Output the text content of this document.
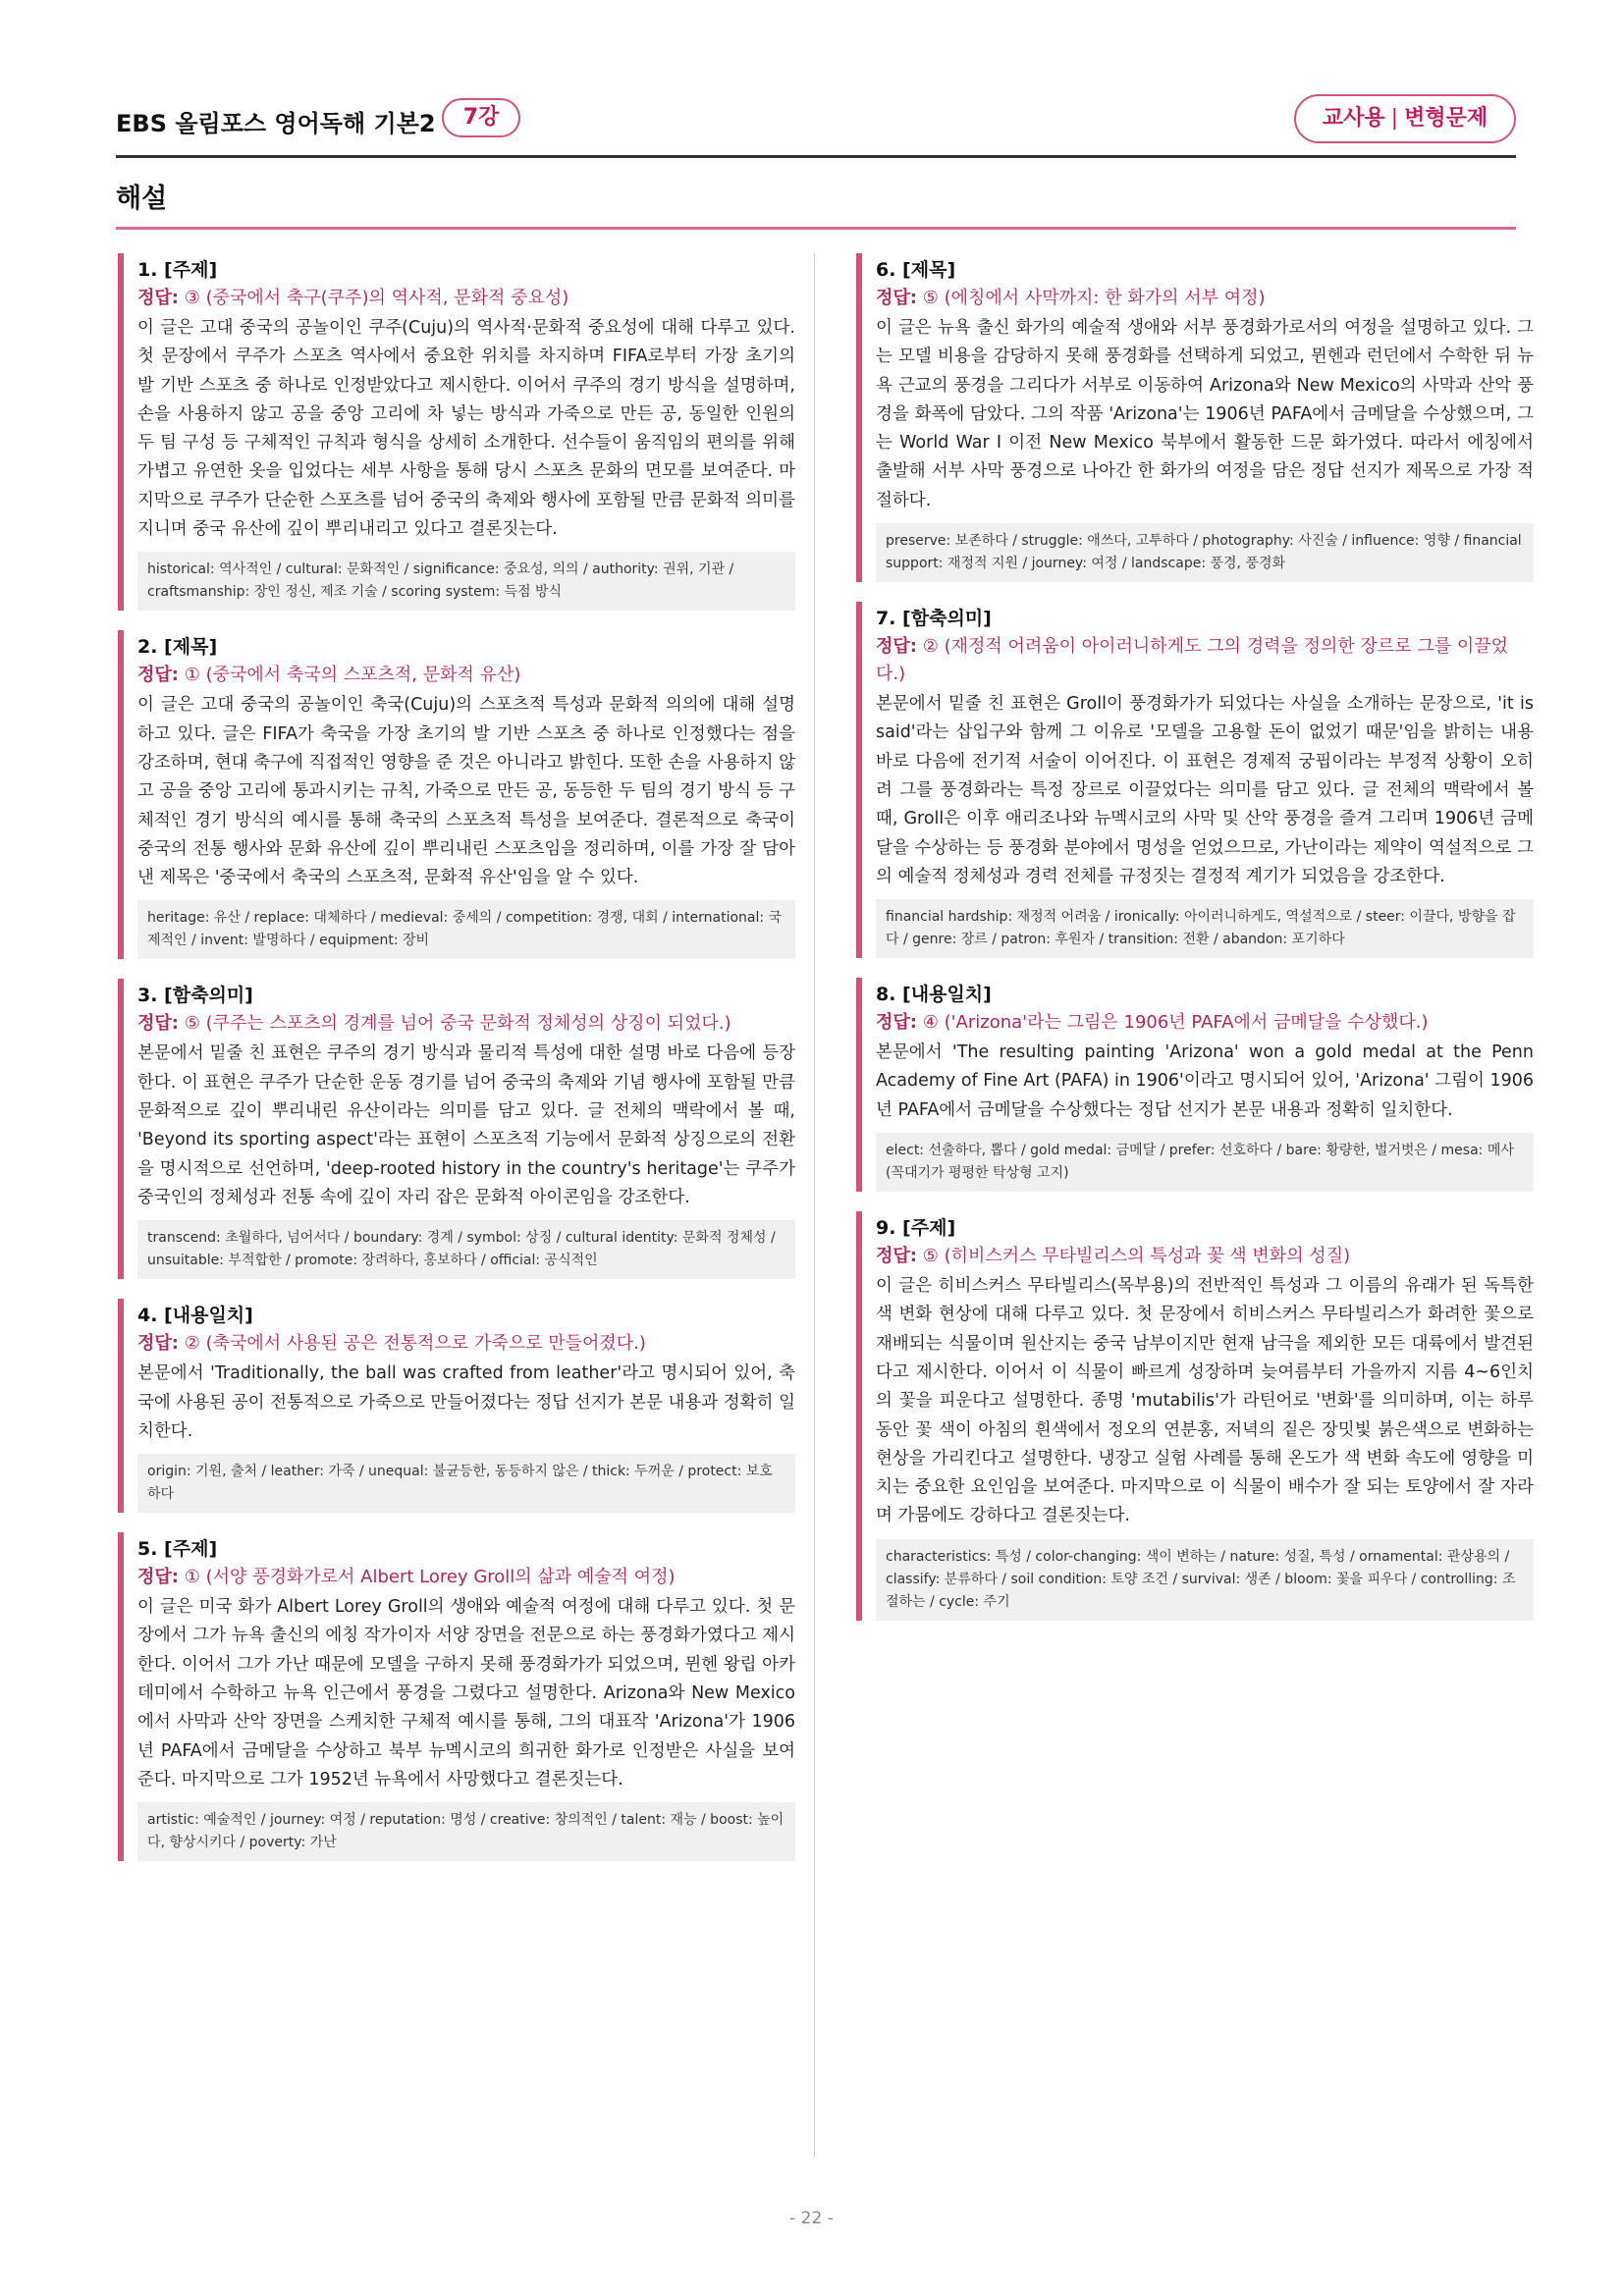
EBS 올림포스 영어독해 기본2	7강	교사용 | 변형문제
해설
1. [주제]
정답: ③ (중국에서 축구(쿠주)의 역사적, 문화적 중요성)
이 글은 고대 중국의 공놀이인 쿠주(Cuju)의 역사적·문화적 중요성에 대해 다루고 있다. 첫 문장에서 쿠주가 스포츠 역사에서 중요한 위치를 차지하며 FIFA로부터 가장 초기의 발 기반 스포츠 중 하나로 인정받았다고 제시한다. 이어서 쿠주의 경기 방식을 설명하며, 손을 사용하지 않고 공을 중앙 고리에 차 넣는 방식과 가죽으로 만든 공, 동일한 인원의 두 팀 구성 등 구체적인 규칙과 형식을 상세히 소개한다. 선수들이 움직임의 편의를 위해 가볍고 유연한 옷을 입었다는 세부 사항을 통해 당시 스포츠 문화의 면모를 보여준다. 마지막으로 쿠주가 단순한 스포츠를 넘어 중국의 축제와 행사에 포함될 만큼 문화적 의미를 지니며 중국 유산에 깊이 뿌리내리고 있다고 결론짓는다.
historical: 역사적인 / cultural: 문화적인 / significance: 중요성, 의의 / authority: 권위, 기관 / craftsmanship: 장인 정신, 제조 기술 / scoring system: 득점 방식
2. [제목]
정답: ① (중국에서 축국의 스포츠적, 문화적 유산)
이 글은 고대 중국의 공놀이인 축국(Cuju)의 스포츠적 특성과 문화적 의의에 대해 설명하고 있다. 글은 FIFA가 축국을 가장 초기의 발 기반 스포츠 중 하나로 인정했다는 점을 강조하며, 현대 축구에 직접적인 영향을 준 것은 아니라고 밝힌다. 또한 손을 사용하지 않고 공을 중앙 고리에 통과시키는 규칙, 가죽으로 만든 공, 동등한 두 팀의 경기 방식 등 구체적인 경기 방식의 예시를 통해 축국의 스포츠적 특성을 보여준다. 결론적으로 축국이 중국의 전통 행사와 문화 유산에 깊이 뿌리내린 스포츠임을 정리하며, 이를 가장 잘 담아낸 제목은 '중국에서 축국의 스포츠적, 문화적 유산'임을 알 수 있다.
heritage: 유산 / replace: 대체하다 / medieval: 중세의 / competition: 경쟁, 대회 / international: 국제적인 / invent: 발명하다 / equipment: 장비
3. [함축의미]
정답: ⑤ (쿠주는 스포츠의 경계를 넘어 중국 문화적 정체성의 상징이 되었다.)
본문에서 밑줄 친 표현은 쿠주의 경기 방식과 물리적 특성에 대한 설명 바로 다음에 등장한다. 이 표현은 쿠주가 단순한 운동 경기를 넘어 중국의 축제와 기념 행사에 포함될 만큼 문화적으로 깊이 뿌리내린 유산이라는 의미를 담고 있다. 글 전체의 맥락에서 볼 때, 'Beyond its sporting aspect'라는 표현이 스포츠적 기능에서 문화적 상징으로의 전환을 명시적으로 선언하며, 'deep-rooted history in the country's heritage'는 쿠주가 중국인의 정체성과 전통 속에 깊이 자리 잡은 문화적 아이콘임을 강조한다.
transcend: 초월하다, 넘어서다 / boundary: 경계 / symbol: 상징 / cultural identity: 문화적 정체성 / unsuitable: 부적합한 / promote: 장려하다, 홍보하다 / official: 공식적인
4. [내용일치]
정답: ② (축국에서 사용된 공은 전통적으로 가죽으로 만들어졌다.)
본문에서 'Traditionally, the ball was crafted from leather'라고 명시되어 있어, 축국에 사용된 공이 전통적으로 가죽으로 만들어졌다는 정답 선지가 본문 내용과 정확히 일치한다.
origin: 기원, 출처 / leather: 가죽 / unequal: 불균등한, 동등하지 않은 / thick: 두꺼운 / protect: 보호하다
5. [주제]
정답: ① (서양 풍경화가로서 Albert Lorey Groll의 삶과 예술적 여정)
이 글은 미국 화가 Albert Lorey Groll의 생애와 예술적 여정에 대해 다루고 있다. 첫 문장에서 그가 뉴욕 출신의 에칭 작가이자 서양 장면을 전문으로 하는 풍경화가였다고 제시한다. 이어서 그가 가난 때문에 모델을 구하지 못해 풍경화가가 되었으며, 뮌헨 왕립 아카데미에서 수학하고 뉴욕 인근에서 풍경을 그렸다고 설명한다. Arizona와 New Mexico에서 사막과 산악 장면을 스케치한 구체적 예시를 통해, 그의 대표작 'Arizona'가 1906년 PAFA에서 금메달을 수상하고 북부 뉴멕시코의 희귀한 화가로 인정받은 사실을 보여준다. 마지막으로 그가 1952년 뉴욕에서 사망했다고 결론짓는다.
artistic: 예술적인 / journey: 여정 / reputation: 명성 / creative: 창의적인 / talent: 재능 / boost: 높이다, 향상시키다 / poverty: 가난
6. [제목]
정답: ⑤ (에칭에서 사막까지: 한 화가의 서부 여정)
이 글은 뉴욕 출신 화가의 예술적 생애와 서부 풍경화가로서의 여정을 설명하고 있다. 그는 모델 비용을 감당하지 못해 풍경화를 선택하게 되었고, 뮌헨과 런던에서 수학한 뒤 뉴욕 근교의 풍경을 그리다가 서부로 이동하여 Arizona와 New Mexico의 사막과 산악 풍경을 화폭에 담았다. 그의 작품 'Arizona'는 1906년 PAFA에서 금메달을 수상했으며, 그는 World War I 이전 New Mexico 북부에서 활동한 드문 화가였다. 따라서 에칭에서 출발해 서부 사막 풍경으로 나아간 한 화가의 여정을 담은 정답 선지가 제목으로 가장 적절하다.
preserve: 보존하다 / struggle: 애쓰다, 고투하다 / photography: 사진술 / influence: 영향 / financial support: 재정적 지원 / journey: 여정 / landscape: 풍경, 풍경화
7. [함축의미]
정답: ② (재정적 어려움이 아이러니하게도 그의 경력을 정의한 장르로 그를 이끌었다.)
본문에서 밑줄 친 표현은 Groll이 풍경화가가 되었다는 사실을 소개하는 문장으로, 'it is said'라는 삽입구와 함께 그 이유로 '모델을 고용할 돈이 없었기 때문'임을 밝히는 내용 바로 다음에 전기적 서술이 이어진다. 이 표현은 경제적 궁핍이라는 부정적 상황이 오히려 그를 풍경화라는 특정 장르로 이끌었다는 의미를 담고 있다. 글 전체의 맥락에서 볼 때, Groll은 이후 애리조나와 뉴멕시코의 사막 및 산악 풍경을 즐겨 그리며 1906년 금메달을 수상하는 등 풍경화 분야에서 명성을 얻었으므로, 가난이라는 제약이 역설적으로 그의 예술적 정체성과 경력 전체를 규정짓는 결정적 계기가 되었음을 강조한다.
financial hardship: 재정적 어려움 / ironically: 아이러니하게도, 역설적으로 / steer: 이끌다, 방향을 잡다 / genre: 장르 / patron: 후원자 / transition: 전환 / abandon: 포기하다
8. [내용일치]
정답: ④ ('Arizona'라는 그림은 1906년 PAFA에서 금메달을 수상했다.)
본문에서 'The resulting painting 'Arizona' won a gold medal at the Penn Academy of Fine Art (PAFA) in 1906'이라고 명시되어 있어, 'Arizona' 그림이 1906년 PAFA에서 금메달을 수상했다는 정답 선지가 본문 내용과 정확히 일치한다.
elect: 선출하다, 뽑다 / gold medal: 금메달 / prefer: 선호하다 / bare: 황량한, 벌거벗은 / mesa: 메사 (꼭대기가 평평한 탁상형 고지)
9. [주제]
정답: ⑤ (히비스커스 무타빌리스의 특성과 꽃 색 변화의 성질)
이 글은 히비스커스 무타빌리스(목부용)의 전반적인 특성과 그 이름의 유래가 된 독특한 색 변화 현상에 대해 다루고 있다. 첫 문장에서 히비스커스 무타빌리스가 화려한 꽃으로 재배되는 식물이며 원산지는 중국 남부이지만 현재 남극을 제외한 모든 대륙에서 발견된다고 제시한다. 이어서 이 식물이 빠르게 성장하며 늦여름부터 가을까지 지름 4~6인치의 꽃을 피운다고 설명한다. 종명 'mutabilis'가 라틴어로 '변화'를 의미하며, 이는 하루 동안 꽃 색이 아침의 흰색에서 정오의 연분홍, 저녁의 짙은 장밋빛 붉은색으로 변화하는 현상을 가리킨다고 설명한다. 냉장고 실험 사례를 통해 온도가 색 변화 속도에 영향을 미치는 중요한 요인임을 보여준다. 마지막으로 이 식물이 배수가 잘 되는 토양에서 잘 자라며 가뭄에도 강하다고 결론짓는다.
characteristics: 특성 / color-changing: 색이 변하는 / nature: 성질, 특성 / ornamental: 관상용의 / classify: 분류하다 / soil condition: 토양 조건 / survival: 생존 / bloom: 꽃을 피우다 / controlling: 조절하는 / cycle: 주기
- 22 -
